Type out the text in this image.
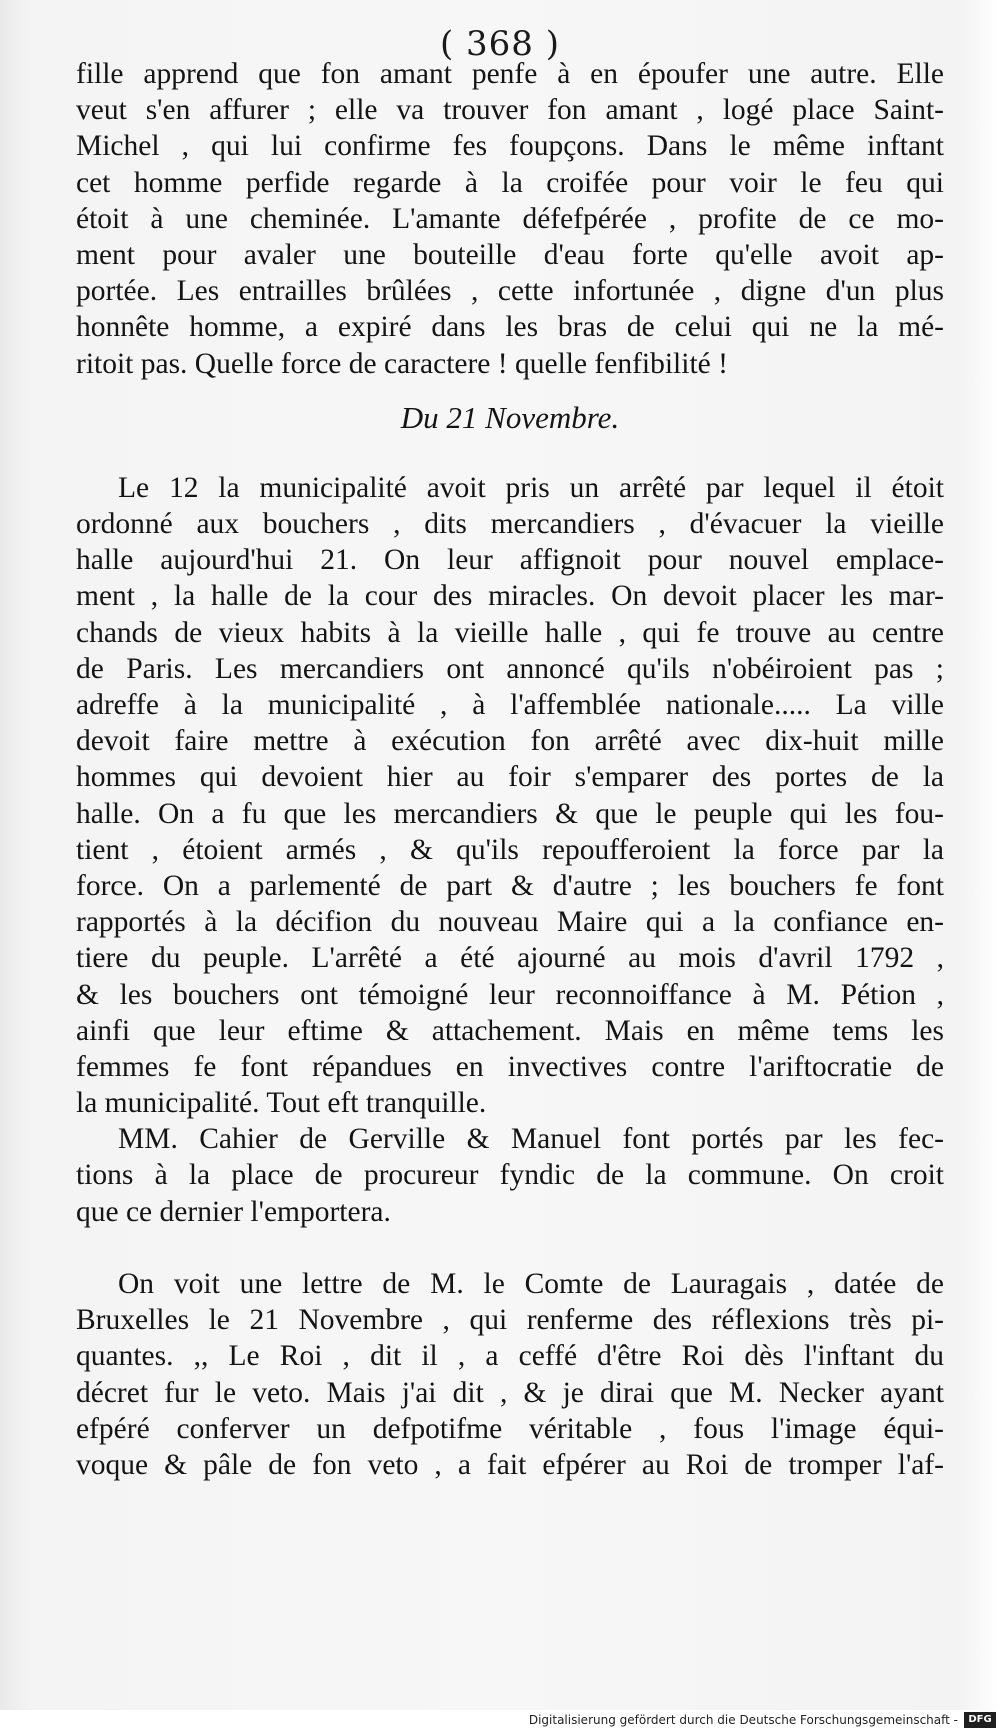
( 368 )
fille apprend que fon amant penfe à en époufer une autre. Elle
veut s'en affurer ; elle va trouver fon amant , logé place Saint-
Michel , qui lui confirme fes foupçons. Dans le même inftant
cet homme perfide regarde à la croifée pour voir le feu qui
étoit à une cheminée. L'amante défefpérée , profite de ce mo-
ment pour avaler une bouteille d'eau forte qu'elle avoit ap-
portée. Les entrailles brûlées , cette infortunée , digne d'un plus
honnête homme, a expiré dans les bras de celui qui ne la mé-
ritoit pas. Quelle force de caractere ! quelle fenfibilité !
Du 21 Novembre.
Le 12 la municipalité avoit pris un arrêté par lequel il étoit
ordonné aux bouchers , dits mercandiers , d'évacuer la vieille
halle aujourd'hui 21. On leur affignoit pour nouvel emplace-
ment , la halle de la cour des miracles. On devoit placer les mar-
chands de vieux habits à la vieille halle , qui fe trouve au centre
de Paris. Les mercandiers ont annoncé qu'ils n'obéiroient pas ;
adreffe à la municipalité , à l'affemblée nationale..... La ville
devoit faire mettre à exécution fon arrêté avec dix-huit mille
hommes qui devoient hier au foir s'emparer des portes de la
halle. On a fu que les mercandiers & que le peuple qui les fou-
tient , étoient armés , & qu'ils repoufferoient la force par la
force. On a parlementé de part & d'autre ; les bouchers fe font
rapportés à la décifion du nouveau Maire qui a la confiance en-
tiere du peuple. L'arrêté a été ajourné au mois d'avril 1792 ,
& les bouchers ont témoigné leur reconnoiffance à M. Pétion ,
ainfi que leur eftime & attachement. Mais en même tems les
femmes fe font répandues en invectives contre l'ariftocratie de
la municipalité. Tout eft tranquille.
MM. Cahier de Gerville & Manuel font portés par les fec-
tions à la place de procureur fyndic de la commune. On croit
que ce dernier l'emportera.
On voit une lettre de M. le Comte de Lauragais , datée de
Bruxelles le 21 Novembre , qui renferme des réflexions très pi-
quantes. ,, Le Roi , dit il , a ceffé d'être Roi dès l'inftant du
décret fur le veto. Mais j'ai dit , & je dirai que M. Necker ayant
efpéré conferver un defpotifme véritable , fous l'image équi-
voque & pâle de fon veto , a fait efpérer au Roi de tromper l'af-
Digitalisierung gefördert durch die Deutsche Forschungsgemeinschaft -	DFG
